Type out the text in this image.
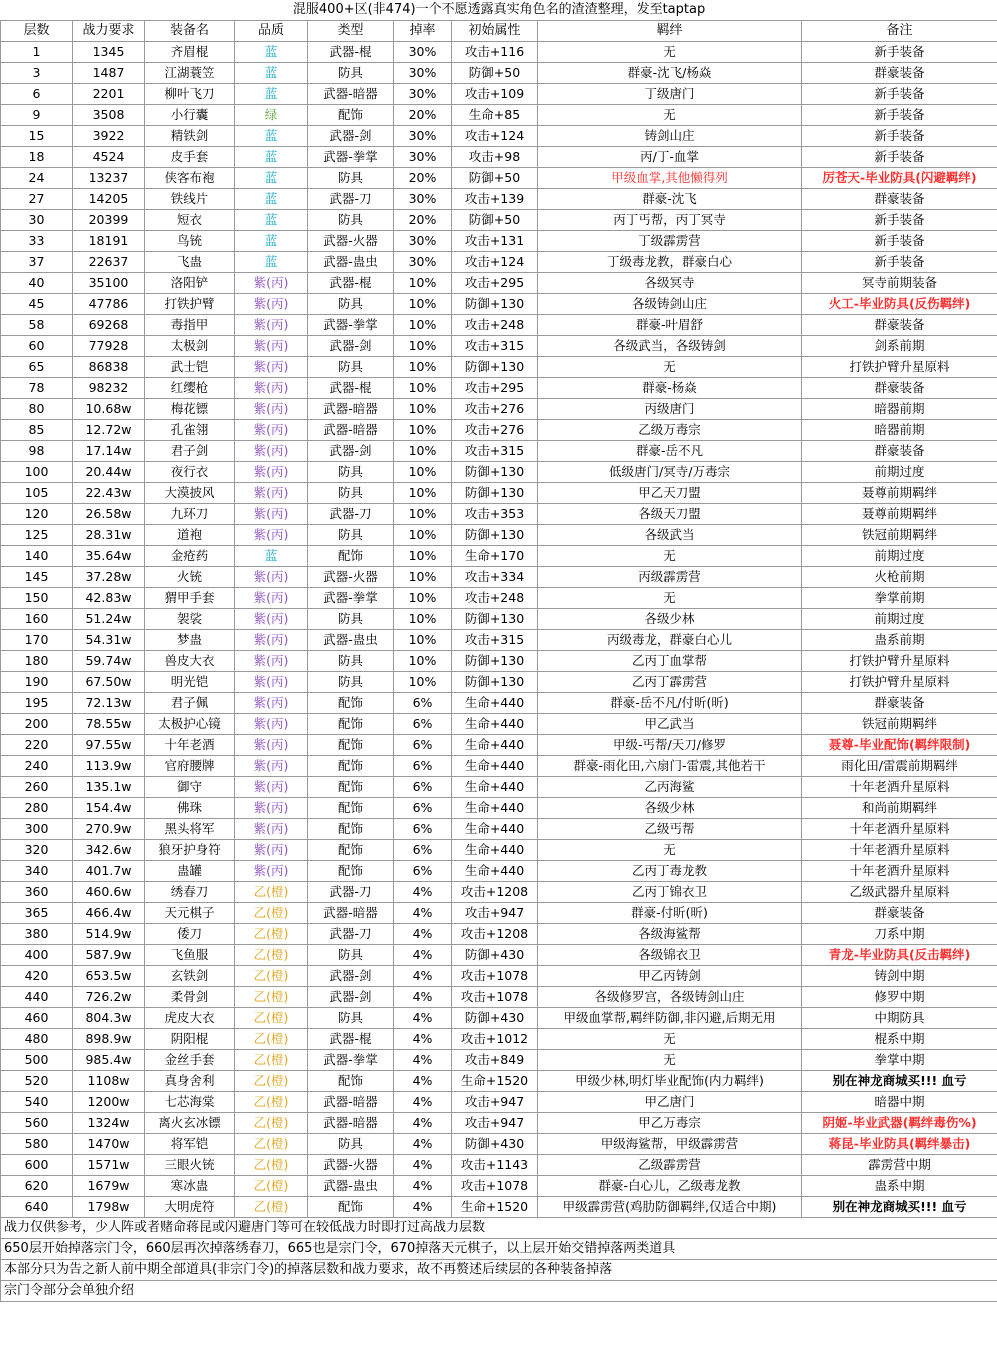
混服400+区(非474)一个不愿透露真实角色名的渣渣整理，发至taptap								
层数	战力要求	装备名	品质	类型	掉率	初始属性	羁绊	备注
1	1345	齐眉棍	蓝	武器-棍	30%	攻击+116	无	新手装备
3	1487	江湖蓑笠	蓝	防具	30%	防御+50	群豪-沈飞/杨焱	群豪装备
6	2201	柳叶飞刀	蓝	武器-暗器	30%	攻击+109	丁级唐门	新手装备
9	3508	小行囊	绿	配饰	20%	生命+85	无	新手装备
15	3922	精铁剑	蓝	武器-剑	30%	攻击+124	铸剑山庄	新手装备
18	4524	皮手套	蓝	武器-拳掌	30%	攻击+98	丙/丁-血掌	新手装备
24	13237	侠客布袍	蓝	防具	20%	防御+50	甲级血掌,其他懒得列	厉苍天-毕业防具(闪避羁绊)
27	14205	铁线片	蓝	武器-刀	30%	攻击+139	群豪-沈飞	群豪装备
30	20399	短衣	蓝	防具	20%	防御+50	丙丁丐帮，丙丁冥寺	新手装备
33	18191	鸟铳	蓝	武器-火器	30%	攻击+131	丁级霹雳营	新手装备
37	22637	飞蛊	蓝	武器-蛊虫	30%	攻击+124	丁级毒龙教，群豪白心	新手装备
40	35100	洛阳铲	紫(丙)	武器-棍	10%	攻击+295	各级冥寺	冥寺前期装备
45	47786	打铁护臂	紫(丙)	防具	10%	防御+130	各级铸剑山庄	火工-毕业防具(反伤羁绊)
58	69268	毒指甲	紫(丙)	武器-拳掌	10%	攻击+248	群豪-叶眉舒	群豪装备
60	77928	太极剑	紫(丙)	武器-剑	10%	攻击+315	各级武当，各级铸剑	剑系前期
65	86838	武士铠	紫(丙)	防具	10%	防御+130	无	打铁护臂升星原料
78	98232	红缨枪	紫(丙)	武器-棍	10%	攻击+295	群豪-杨焱	群豪装备
80	10.68w	梅花镖	紫(丙)	武器-暗器	10%	攻击+276	丙级唐门	暗器前期
85	12.72w	孔雀翎	紫(丙)	武器-暗器	10%	攻击+276	乙级万毒宗	暗器前期
98	17.14w	君子剑	紫(丙)	武器-剑	10%	攻击+315	群豪-岳不凡	群豪装备
100	20.44w	夜行衣	紫(丙)	防具	10%	防御+130	低级唐门/冥寺/万毒宗	前期过度
105	22.43w	大漠披风	紫(丙)	防具	10%	防御+130	甲乙天刀盟	聂尊前期羁绊
120	26.58w	九环刀	紫(丙)	武器-刀	10%	攻击+353	各级天刀盟	聂尊前期羁绊
125	28.31w	道袍	紫(丙)	防具	10%	防御+130	各级武当	铁冠前期羁绊
140	35.64w	金疮药	蓝	配饰	10%	生命+170	无	前期过度
145	37.28w	火铳	紫(丙)	武器-火器	10%	攻击+334	丙级霹雳营	火枪前期
150	42.83w	猬甲手套	紫(丙)	武器-拳掌	10%	攻击+248	无	拳掌前期
160	51.24w	袈裟	紫(丙)	防具	10%	防御+130	各级少林	前期过度
170	54.31w	梦蛊	紫(丙)	武器-蛊虫	10%	攻击+315	丙级毒龙，群豪白心儿	蛊系前期
180	59.74w	兽皮大衣	紫(丙)	防具	10%	防御+130	乙丙丁血掌帮	打铁护臂升星原料
190	67.50w	明光铠	紫(丙)	防具	10%	防御+130	乙丙丁霹雳营	打铁护臂升星原料
195	72.13w	君子佩	紫(丙)	配饰	6%	生命+440	群豪-岳不凡/付昕(昕)	群豪装备
200	78.55w	太极护心镜	紫(丙)	配饰	6%	生命+440	甲乙武当	铁冠前期羁绊
220	97.55w	十年老酒	紫(丙)	配饰	6%	生命+440	甲级-丐帮/天刀/修罗	聂尊-毕业配饰(羁绊限制)
240	113.9w	官府腰牌	紫(丙)	配饰	6%	生命+440	群豪-雨化田,六扇门-雷震,其他若干	雨化田/雷震前期羁绊
260	135.1w	御守	紫(丙)	配饰	6%	生命+440	乙丙海鲨	十年老酒升星原料
280	154.4w	佛珠	紫(丙)	配饰	6%	生命+440	各级少林	和尚前期羁绊
300	270.9w	黑头将军	紫(丙)	配饰	6%	生命+440	乙级丐帮	十年老酒升星原料
320	342.6w	狼牙护身符	紫(丙)	配饰	6%	生命+440	无	十年老酒升星原料
340	401.7w	蛊罐	紫(丙)	配饰	6%	生命+440	乙丙丁毒龙教	十年老酒升星原料
360	460.6w	绣春刀	乙(橙)	武器-刀	4%	攻击+1208	乙丙丁锦衣卫	乙级武器升星原料
365	466.4w	天元棋子	乙(橙)	武器-暗器	4%	攻击+947	群豪-付昕(昕)	群豪装备
380	514.9w	倭刀	乙(橙)	武器-刀	4%	攻击+1208	各级海鲨帮	刀系中期
400	587.9w	飞鱼服	乙(橙)	防具	4%	防御+430	各级锦衣卫	青龙-毕业防具(反击羁绊)
420	653.5w	玄铁剑	乙(橙)	武器-剑	4%	攻击+1078	甲乙丙铸剑	铸剑中期
440	726.2w	柔骨剑	乙(橙)	武器-剑	4%	攻击+1078	各级修罗宫，各级铸剑山庄	修罗中期
460	804.3w	虎皮大衣	乙(橙)	防具	4%	防御+430	甲级血掌帮,羁绊防御,非闪避,后期无用	中期防具
480	898.9w	阴阳棍	乙(橙)	武器-棍	4%	攻击+1012	无	棍系中期
500	985.4w	金丝手套	乙(橙)	武器-拳掌	4%	攻击+849	无	拳掌中期
520	1108w	真身舍利	乙(橙)	配饰	4%	生命+1520	甲级少林,明灯毕业配饰(内力羁绊)	别在神龙商城买!!! 血亏
540	1200w	七芯海棠	乙(橙)	武器-暗器	4%	攻击+947	甲乙唐门	暗器中期
560	1324w	离火玄冰镖	乙(橙)	武器-暗器	4%	攻击+947	甲乙万毒宗	阴姬-毕业武器(羁绊毒伤%)
580	1470w	将军铠	乙(橙)	防具	4%	防御+430	甲级海鲨帮，甲级霹雳营	蒋昆-毕业防具(羁绊暴击)
600	1571w	三眼火铳	乙(橙)	武器-火器	4%	攻击+1143	乙级霹雳营	霹雳营中期
620	1679w	寒冰蛊	乙(橙)	武器-蛊虫	4%	攻击+1078	群豪-白心儿，乙级毒龙教	蛊系中期
640	1798w	大明虎符	乙(橙)	配饰	4%	生命+1520	甲级霹雳营(鸡肋防御羁绊,仅适合中期)	别在神龙商城买!!! 血亏
战力仅供参考，少人阵或者赌命蒋昆或闪避唐门等可在较低战力时即打过高战力层数								
650层开始掉落宗门令，660层再次掉落绣春刀，665也是宗门令，670掉落天元棋子，以上层开始交错掉落两类道具								
本部分只为告之新人前中期全部道具(非宗门令)的掉落层数和战力要求，故不再赘述后续层的各种装备掉落								
宗门令部分会单独介绍								
